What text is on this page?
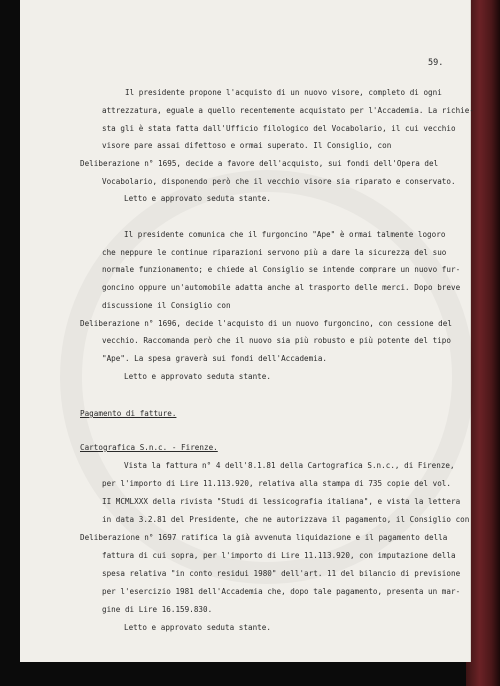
59.
Il presidente propone l'acquisto di un nuovo visore, completo di ogni
attrezzatura, eguale a quello recentemente acquistato per l'Accademia. La richie-
sta gli è stata fatta dall'Ufficio filologico del Vocabolario, il cui vecchio
visore pare assai difettoso e ormai superato. Il Consiglio, con
Deliberazione n° 1695, decide a favore dell'acquisto, sui fondi dell'Opera del
Vocabolario, disponendo però che il vecchio visore sia riparato e conservato.
Letto e approvato seduta stante.
Il presidente comunica che il furgoncino "Ape" è ormai talmente logoro
che neppure le continue riparazioni servono più a dare la sicurezza del suo
normale funzionamento; e chiede al Consiglio se intende comprare un nuovo fur-
goncino oppure un'automobile adatta anche al trasporto delle merci. Dopo breve
discussione il Consiglio con
Deliberazione n° 1696, decide l'acquisto di un nuovo furgoncino, con cessione del
vecchio. Raccomanda però che il nuovo sia più robusto e più potente del tipo
"Ape". La spesa graverà sui fondi dell'Accademia.
Letto e approvato seduta stante.
Pagamento di fatture.
Cartografica S.n.c. - Firenze.
Vista la fattura n° 4 dell'8.1.81 della Cartografica S.n.c., di Firenze,
per l'importo di Lire 11.113.920, relativa alla stampa di 735 copie del vol.
II MCMLXXX della rivista "Studi di lessicografia italiana", e vista la lettera
in data 3.2.81 del Presidente, che ne autorizzava il pagamento, il Consiglio con
Deliberazione n° 1697 ratifica la già avvenuta liquidazione e il pagamento della
fattura di cui sopra, per l'importo di Lire 11.113.920, con imputazione della
spesa relativa "in conto residui 1980" dell'art. 11 del bilancio di previsione
per l'esercizio 1981 dell'Accademia che, dopo tale pagamento, presenta un mar-
gine di Lire 16.159.830.
Letto e approvato seduta stante.
